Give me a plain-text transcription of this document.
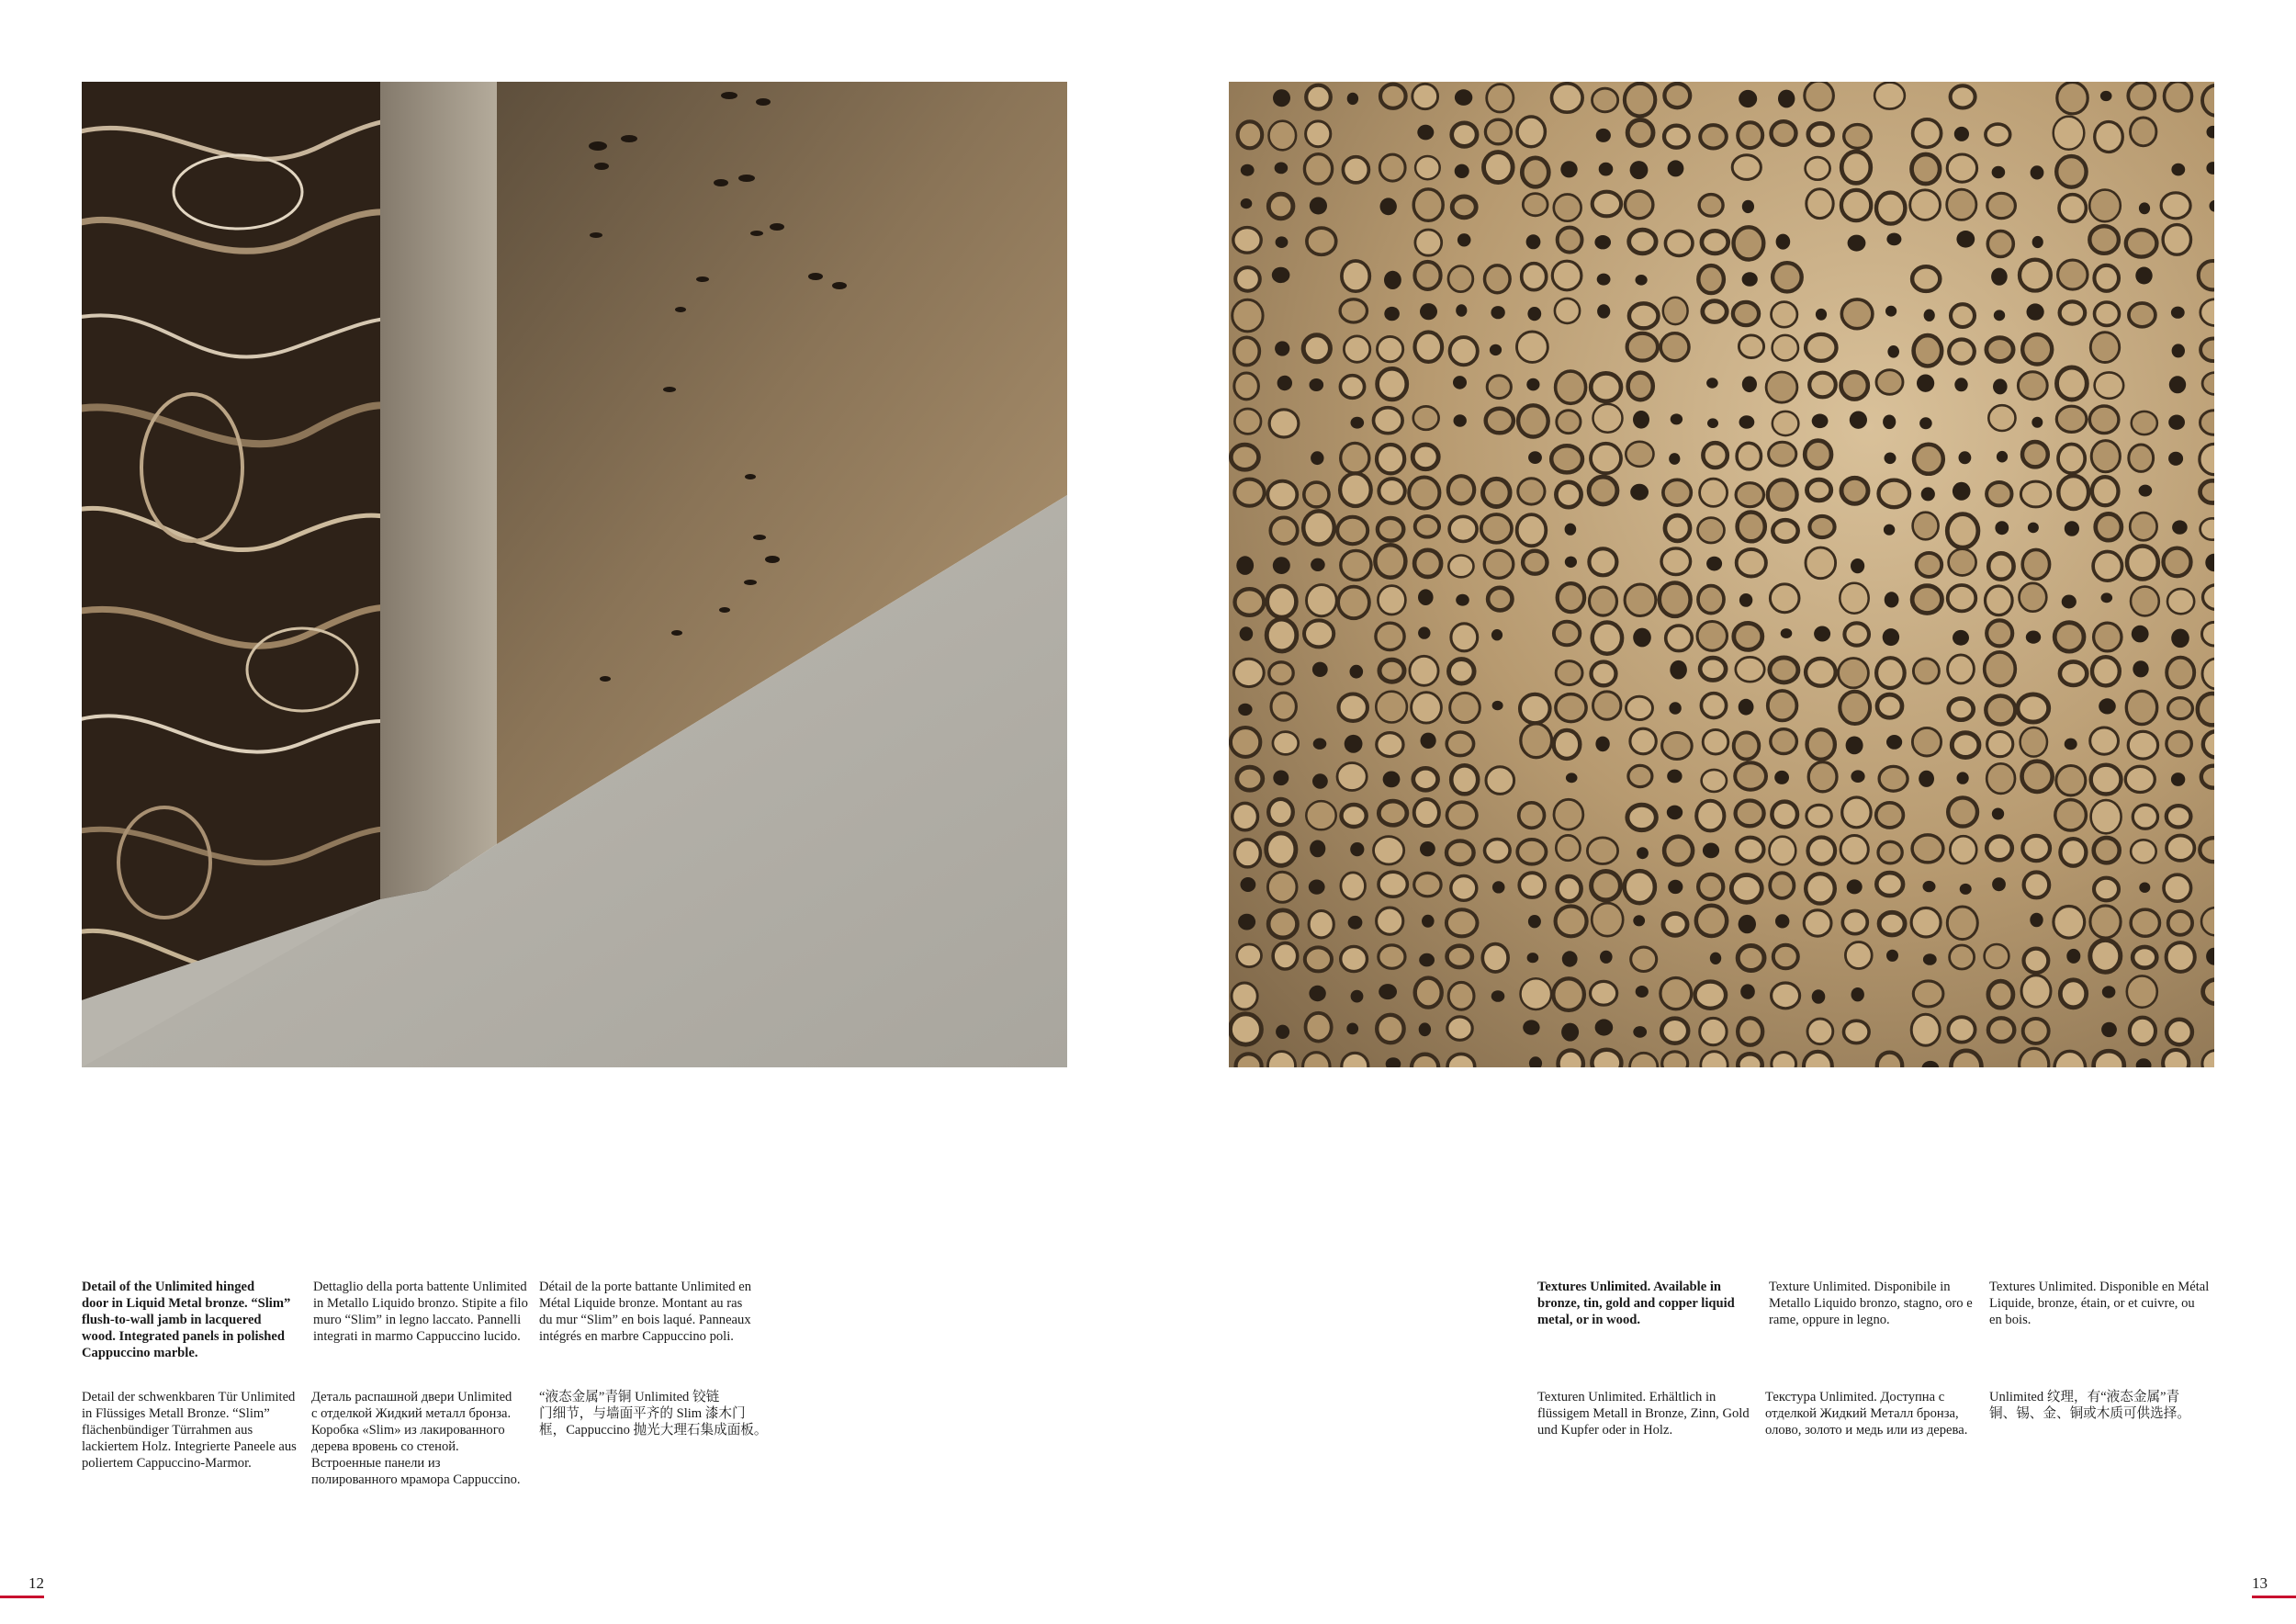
Detail of the Unlimited hinged
door in Liquid Metal bronze. “Slim”
flush-to-wall jamb in lacquered
wood. Integrated panels in polished
Cappuccino marble.
Dettaglio della porta battente Unlimited
in Metallo Liquido bronzo. Stipite a filo
muro “Slim” in legno laccato. Pannelli
integrati in marmo Cappuccino lucido.
Détail de la porte battante Unlimited en
Métal Liquide bronze. Montant au ras
du mur “Slim” en bois laqué. Panneaux
intégrés en marbre Cappuccino poli.
Detail der schwenkbaren Tür Unlimited
in Flüssiges Metall Bronze. “Slim”
flächenbündiger Türrahmen aus
lackiertem Holz. Integrierte Paneele aus
poliertem Cappuccino-Marmor.
Деталь распашной двери Unlimited
с отделкой Жидкий металл бронза.
Коробка «Slim» из лакированного
дерева вровень со стеной.
Встроенные панели из
полированного мрамора Cappuccino.
“液态金属”青铜 Unlimited 铰链
门细节，与墙面平齐的 Slim 漆木门
框，Cappuccino 抛光大理石集成面板。
Textures Unlimited. Available in
bronze, tin, gold and copper liquid
metal, or in wood.
Texture Unlimited. Disponibile in
Metallo Liquido bronzo, stagno, oro e
rame, oppure in legno.
Textures Unlimited. Disponible en Métal
Liquide, bronze, étain, or et cuivre, ou
en bois.
Texturen Unlimited. Erhältlich in
flüssigem Metall in Bronze, Zinn, Gold
und Kupfer oder in Holz.
Текстура Unlimited. Доступна с
отделкой Жидкий Металл бронза,
олово, золото и медь или из дерева.
Unlimited 纹理，有“液态金属”青
铜、锡、金、铜或木质可供选择。
12	13
